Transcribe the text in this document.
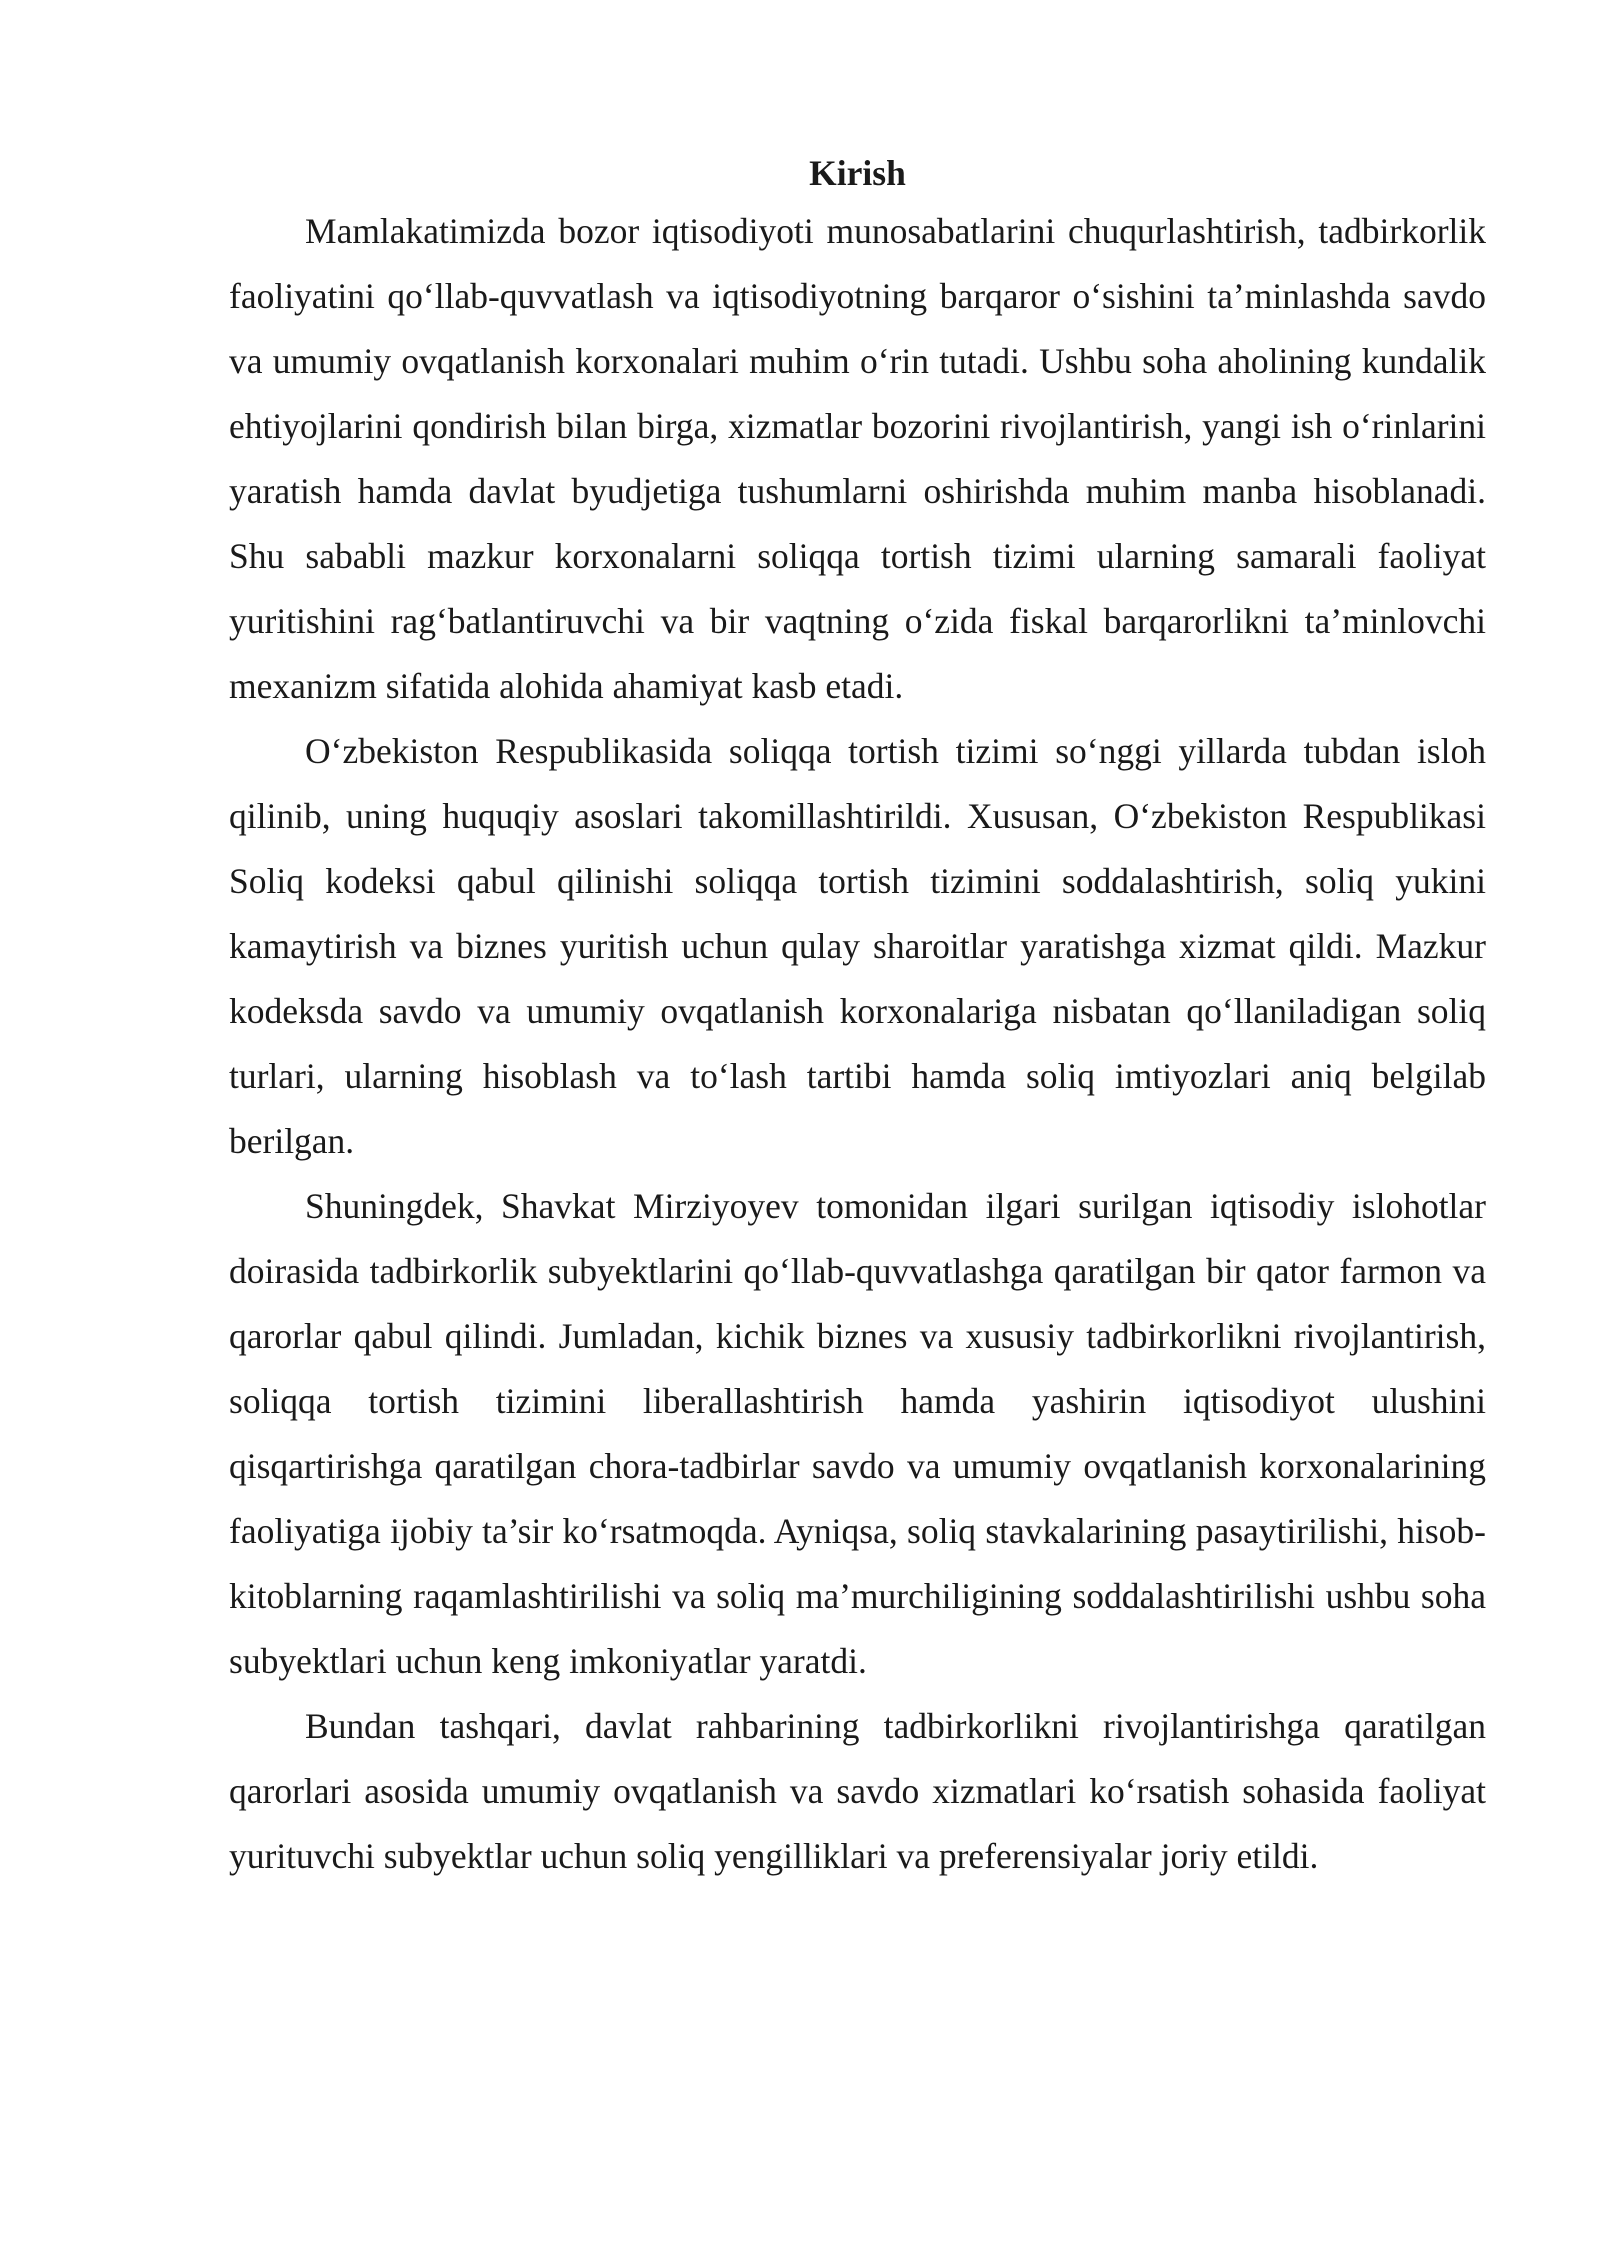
Kirish

Mamlakatimizda bozor iqtisodiyoti munosabatlarini chuqurlashtirish, tadbirkorlik faoliyatini qo‘llab-quvvatlash va iqtisodiyotning barqaror o‘sishini ta’minlashda savdo va umumiy ovqatlanish korxonalari muhim o‘rin tutadi. Ushbu soha aholining kundalik ehtiyojlarini qondirish bilan birga, xizmatlar bozorini rivojlantirish, yangi ish o‘rinlarini yaratish hamda davlat byudjetiga tushumlarni oshirishda muhim manba hisoblanadi. Shu sababli mazkur korxonalarni soliqqa tortish tizimi ularning samarali faoliyat yuritishini rag‘batlantiruvchi va bir vaqtning o‘zida fiskal barqarorlikni ta’minlovchi mexanizm sifatida alohida ahamiyat kasb etadi.

O‘zbekiston Respublikasida soliqqa tortish tizimi so‘nggi yillarda tubdan isloh qilinib, uning huquqiy asoslari takomillashtirildi. Xususan, O‘zbekiston Respublikasi Soliq kodeksi qabul qilinishi soliqqa tortish tizimini soddalashtirish, soliq yukini kamaytirish va biznes yuritish uchun qulay sharoitlar yaratishga xizmat qildi. Mazkur kodeksda savdo va umumiy ovqatlanish korxonalariga nisbatan qo‘llaniladigan soliq turlari, ularning hisoblash va to‘lash tartibi hamda soliq imtiyozlari aniq belgilab berilgan.

Shuningdek, Shavkat Mirziyoyev tomonidan ilgari surilgan iqtisodiy islohotlar doirasida tadbirkorlik subyektlarini qo‘llab-quvvatlashga qaratilgan bir qator farmon va qarorlar qabul qilindi. Jumladan, kichik biznes va xususiy tadbirkorlikni rivojlantirish, soliqqa tortish tizimini liberallashtirish hamda yashirin iqtisodiyot ulushini qisqartirishga qaratilgan chora-tadbirlar savdo va umumiy ovqatlanish korxonalarining faoliyatiga ijobiy ta’sir ko‘rsatmoqda. Ayniqsa, soliq stavkalarining pasaytirilishi, hisob-kitoblarning raqamlashtirilishi va soliq ma’murchiligining soddalashtirilishi ushbu soha subyektlari uchun keng imkoniyatlar yaratdi.

Bundan tashqari, davlat rahbarining tadbirkorlikni rivojlantirishga qaratilgan qarorlari asosida umumiy ovqatlanish va savdo xizmatlari ko‘rsatish sohasida faoliyat yurituvchi subyektlar uchun soliq yengilliklari va preferensiyalar joriy etildi.
